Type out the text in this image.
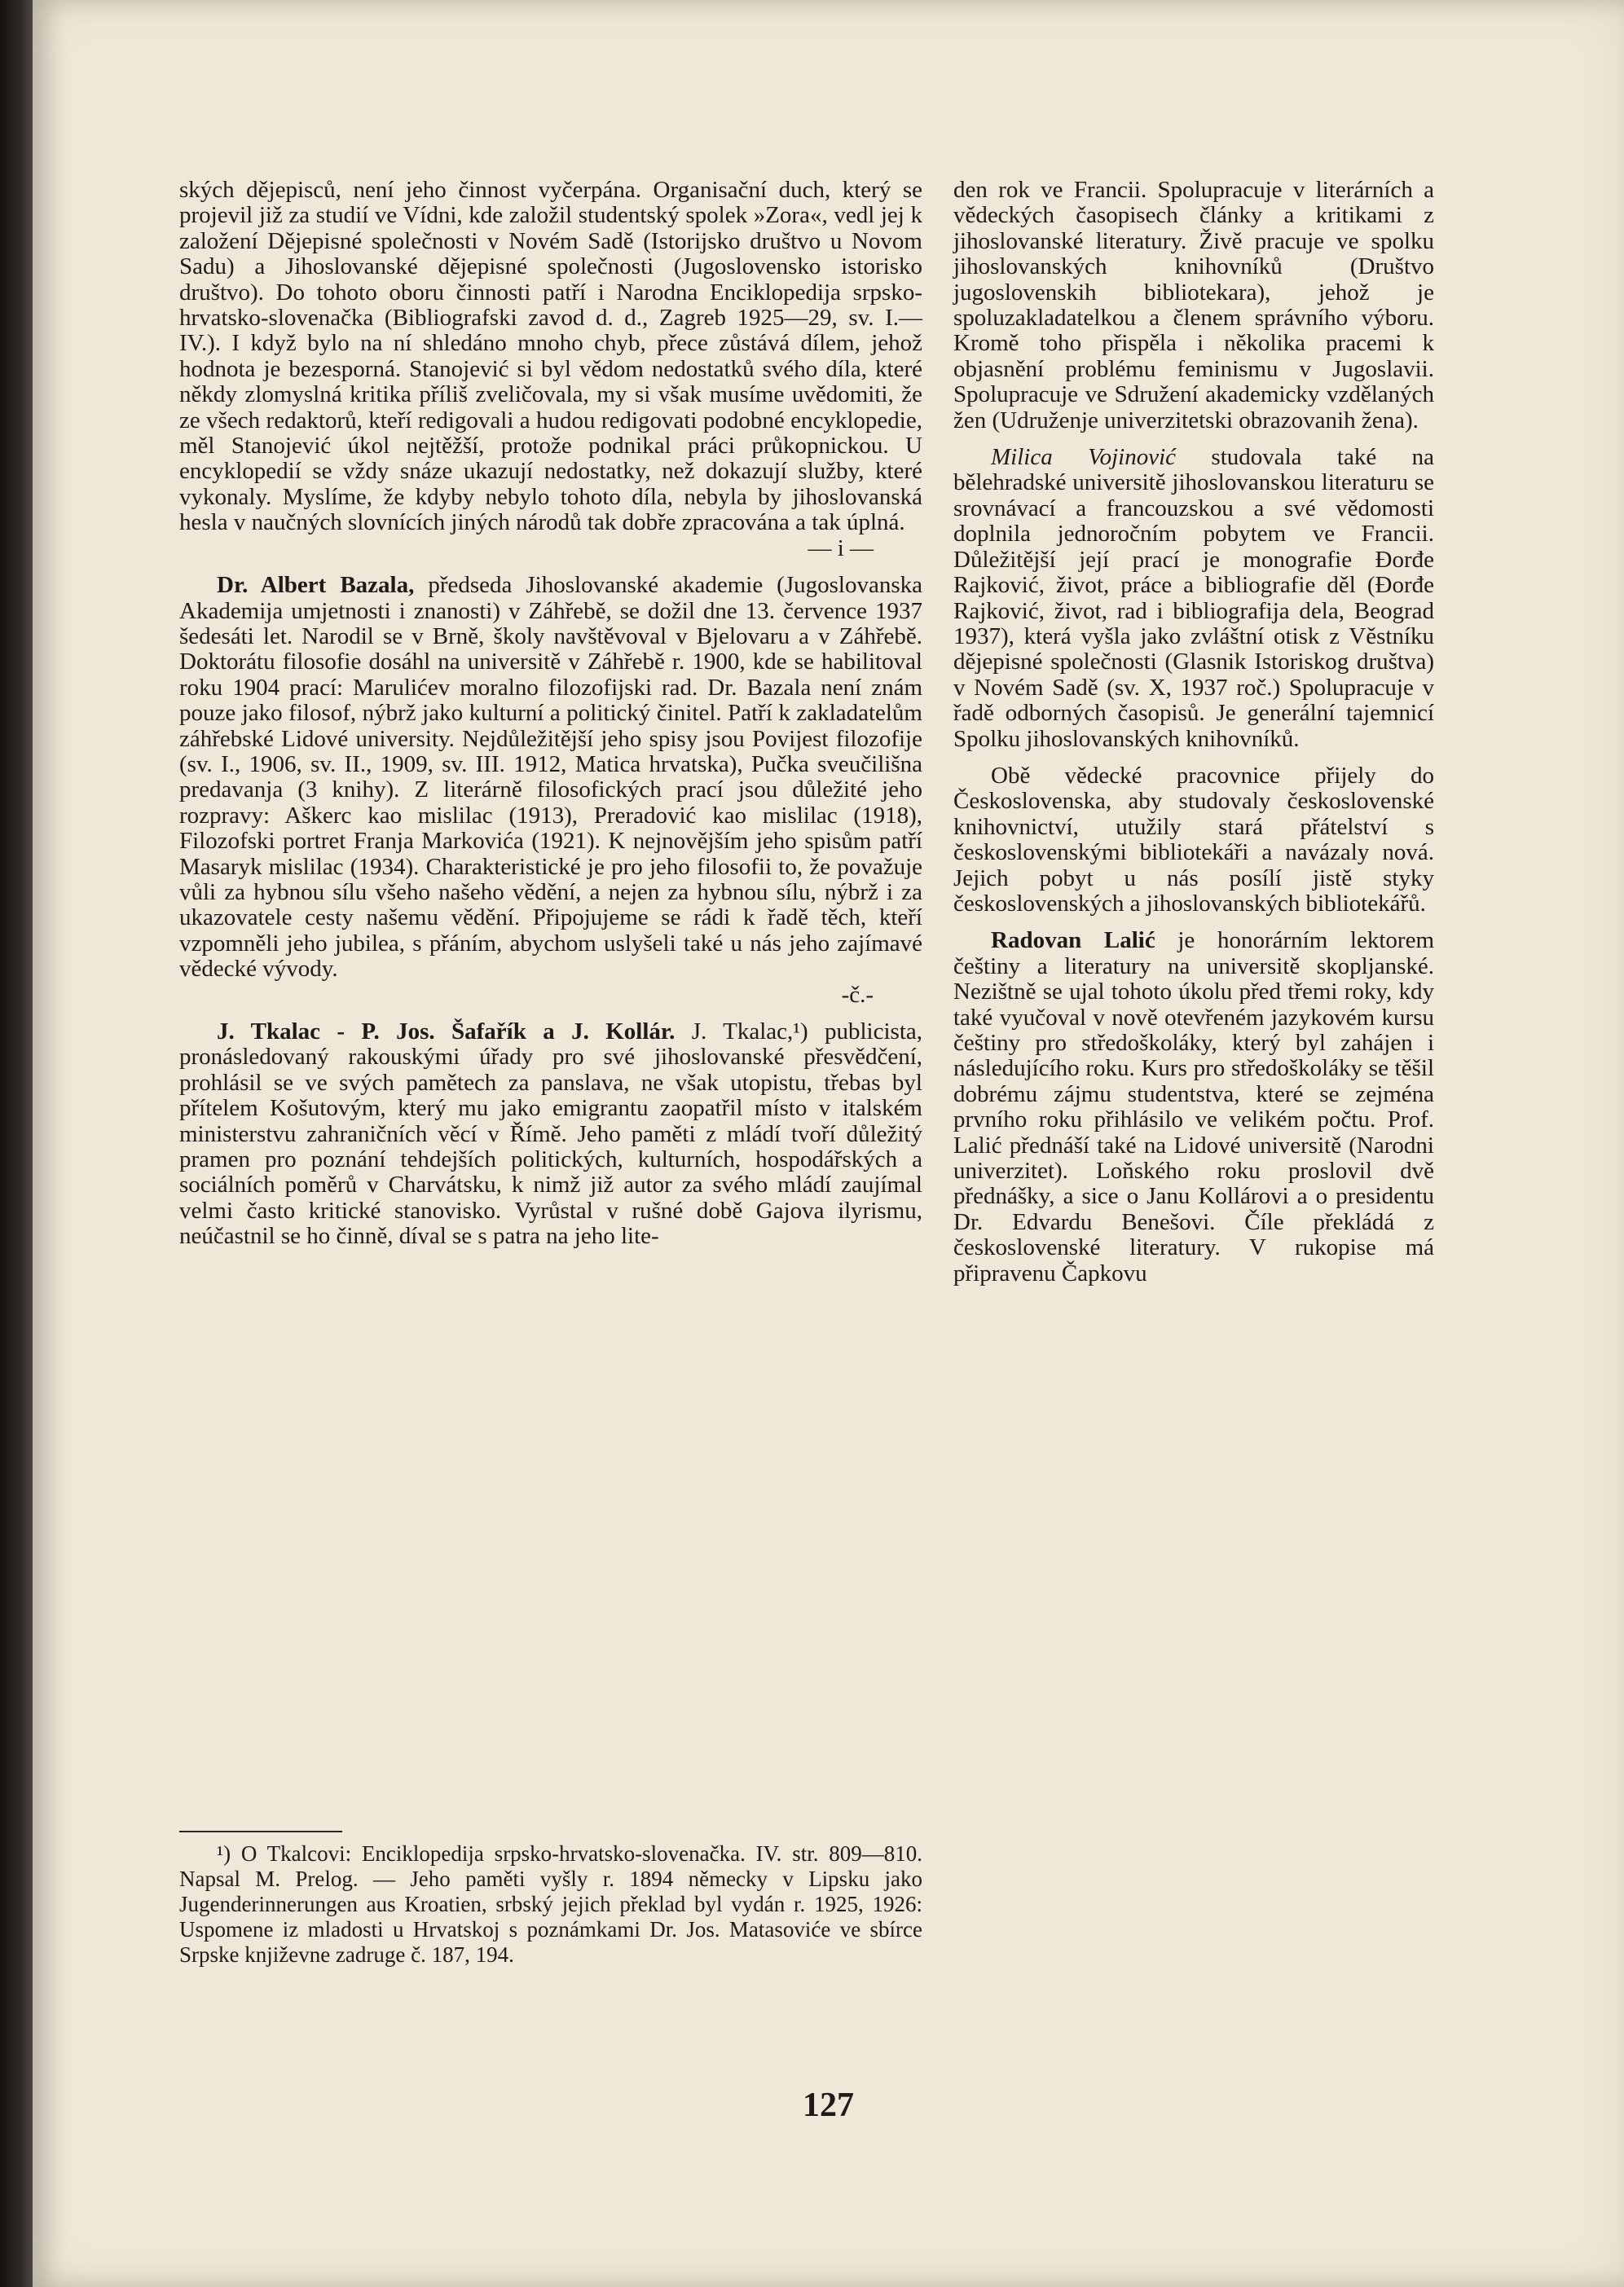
ských dějepisců, není jeho činnost vyčerpána. Organisační duch, který se projevil již za studií ve Vídni, kde založil studentský spolek »Zora«, vedl jej k založení Dějepisné společnosti v Novém Sadě (Istorijsko društvo u Novom Sadu) a Jihoslovanské dějepisné společnosti (Jugoslovensko istorisko društvo). Do tohoto oboru činnosti patří i Narodna Enciklopedija srpsko-hrvatsko-slovenačka (Bibliografski zavod d. d., Zagreb 1925—29, sv. I.—IV.). I když bylo na ní shledáno mnoho chyb, přece zůstává dílem, jehož hodnota je bezesporná. Stanojević si byl vědom nedostatků svého díla, které někdy zlomyslná kritika příliš zveličovala, my si však musíme uvědomiti, že ze všech redaktorů, kteří redigovali a hudou redigovati podobné encyklopedie, měl Stanojević úkol nejtěžší, protože podnikal práci průkopnickou. U encyklopedií se vždy snáze ukazují nedostatky, než dokazují služby, které vykonaly. Myslíme, že kdyby nebylo tohoto díla, nebyla by jihoslovanská hesla v naučných slovnících jiných národů tak dobře zpracována a tak úplná.

— i —

Dr. Albert Bazala, předseda Jihoslovanské akademie (Jugoslovanska Akademija umjetnosti i znanosti) v Záhřebě, se dožil dne 13. července 1937 šedesáti let. Narodil se v Brně, školy navštěvoval v Bjelovaru a v Záhřebě. Doktorátu filosofie dosáhl na universitě v Záhřebě r. 1900, kde se habilitoval roku 1904 prací: Marulićev moralno filozofijski rad. Dr. Bazala není znám pouze jako filosof, nýbrž jako kulturní a politický činitel. Patří k zakladatelům záhřebské Lidové university. Nejdůležitější jeho spisy jsou Povijest filozofije (sv. I., 1906, sv. II., 1909, sv. III. 1912, Matica hrvatska), Pučka sveučilišna predavanja (3 knihy). Z literárně filosofických prací jsou důležité jeho rozpravy: Aškerc kao mislilac (1913), Preradović kao mislilac (1918), Filozofski portret Franja Markovića (1921). K nejnovějším jeho spisům patří Masaryk mislilac (1934). Charakteristické je pro jeho filosofii to, že považuje vůli za hybnou sílu všeho našeho vědění, a nejen za hybnou sílu, nýbrž i za ukazovatele cesty našemu vědění. Připojujeme se rádi k řadě těch, kteří vzpomněli jeho jubilea, s přáním, abychom uslyšeli také u nás jeho zajímavé vědecké vývody.

-č.-

J. Tkalac - P. Jos. Šafařík a J. Kollár. J. Tkalac,¹) publicista, pronásledovaný rakouskými úřady pro své jihoslovanské přesvědčení, prohlásil se ve svých pamětech za panslava, ne však utopistu, třebas byl přítelem Košutovým, který mu jako emigrantu zaopatřil místo v italském ministerstvu zahraničních věcí v Římě. Jeho paměti z mládí tvoří důležitý pramen pro poznání tehdejších politických, kulturních, hospodářských a sociálních poměrů v Charvátsku, k nimž již autor za svého mládí zaujímal velmi často kritické stanovisko. Vyrůstal v rušné době Gajova ilyrismu, neúčastnil se ho činně, díval se s patra na jeho lite-

¹) O Tkalcovi: Enciklopedija srpsko-hrvatsko-slovenačka. IV. str. 809—810. Napsal M. Prelog. — Jeho paměti vyšly r. 1894 německy v Lipsku jako Jugenderinnerungen aus Kroatien, srbský jejich překlad byl vydán r. 1925, 1926: Uspomene iz mladosti u Hrvatskoj s poznámkami Dr. Jos. Matasoviće ve sbírce Srpske književne zadruge č. 187, 194.

den rok ve Francii. Spolupracuje v literárních a vědeckých časopisech články a kritikami z jihoslovanské literatury. Živě pracuje ve spolku jihoslovanských knihovníků (Društvo jugoslovenskih bibliotekara), jehož je spoluzakladatelkou a členem správního výboru. Kromě toho přispěla i několika pracemi k objasnění problému feminismu v Jugoslavii. Spolupracuje ve Sdružení akademicky vzdělaných žen (Udruženje univerzitetski obrazovanih žena).

Milica Vojinović studovala také na bělehradské universitě jihoslovanskou literaturu se srovnávací a francouzskou a své vědomosti doplnila jednoročním pobytem ve Francii. Důležitější její prací je monografie Đorđe Rajković, život, práce a bibliografie děl (Đorđe Rajković, život, rad i bibliografija dela, Beograd 1937), která vyšla jako zvláštní otisk z Věstníku dějepisné společnosti (Glasnik Istoriskog društva) v Novém Sadě (sv. X, 1937 roč.) Spolupracuje v řadě odborných časopisů. Je generální tajemnicí Spolku jihoslovanských knihovníků.

Obě vědecké pracovnice přijely do Československa, aby studovaly československé knihovnictví, utužily stará přátelství s československými bibliotekáři a navázaly nová. Jejich pobyt u nás posílí jistě styky československých a jihoslovanských bibliotekářů.

Radovan Lalić je honorárním lektorem češtiny a literatury na universitě skopljanské. Nezištně se ujal tohoto úkolu před třemi roky, kdy také vyučoval v nově otevřeném jazykovém kursu češtiny pro středoškoláky, který byl zahájen i následujícího roku. Kurs pro středoškoláky se těšil dobrému zájmu studentstva, které se zejména prvního roku přihlásilo ve velikém počtu. Prof. Lalić přednáší také na Lidové universitě (Narodni univerzitet). Loňského roku proslovil dvě přednášky, a sice o Janu Kollárovi a o presidentu Dr. Edvardu Benešovi. Číle překládá z československé literatury. V rukopise má připravenu Čapkovu

127
